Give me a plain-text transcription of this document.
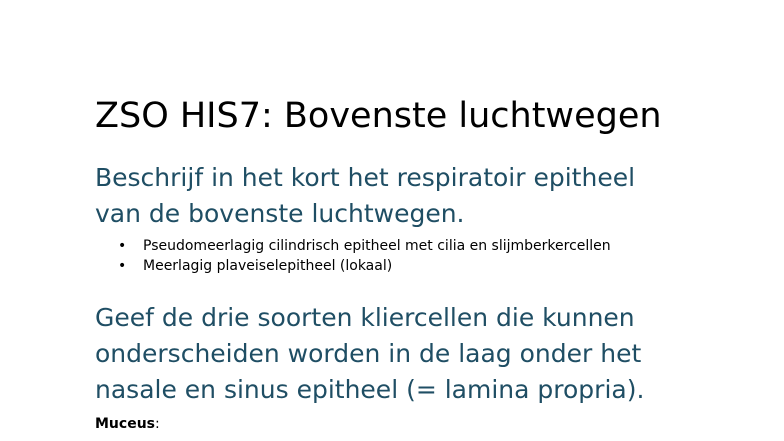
ZSO HIS7: Bovenste luchtwegen
Beschrijf in het kort het respiratoir epitheel
van de bovenste luchtwegen.
• Pseudomeerlagig cilindrisch epitheel met cilia en slijmberkercellen
• Meerlagig plaveiselepitheel (lokaal)
Geef de drie soorten kliercellen die kunnen
onderscheiden worden in de laag onder het
nasale en sinus epitheel (= lamina propria).
Muceus:
